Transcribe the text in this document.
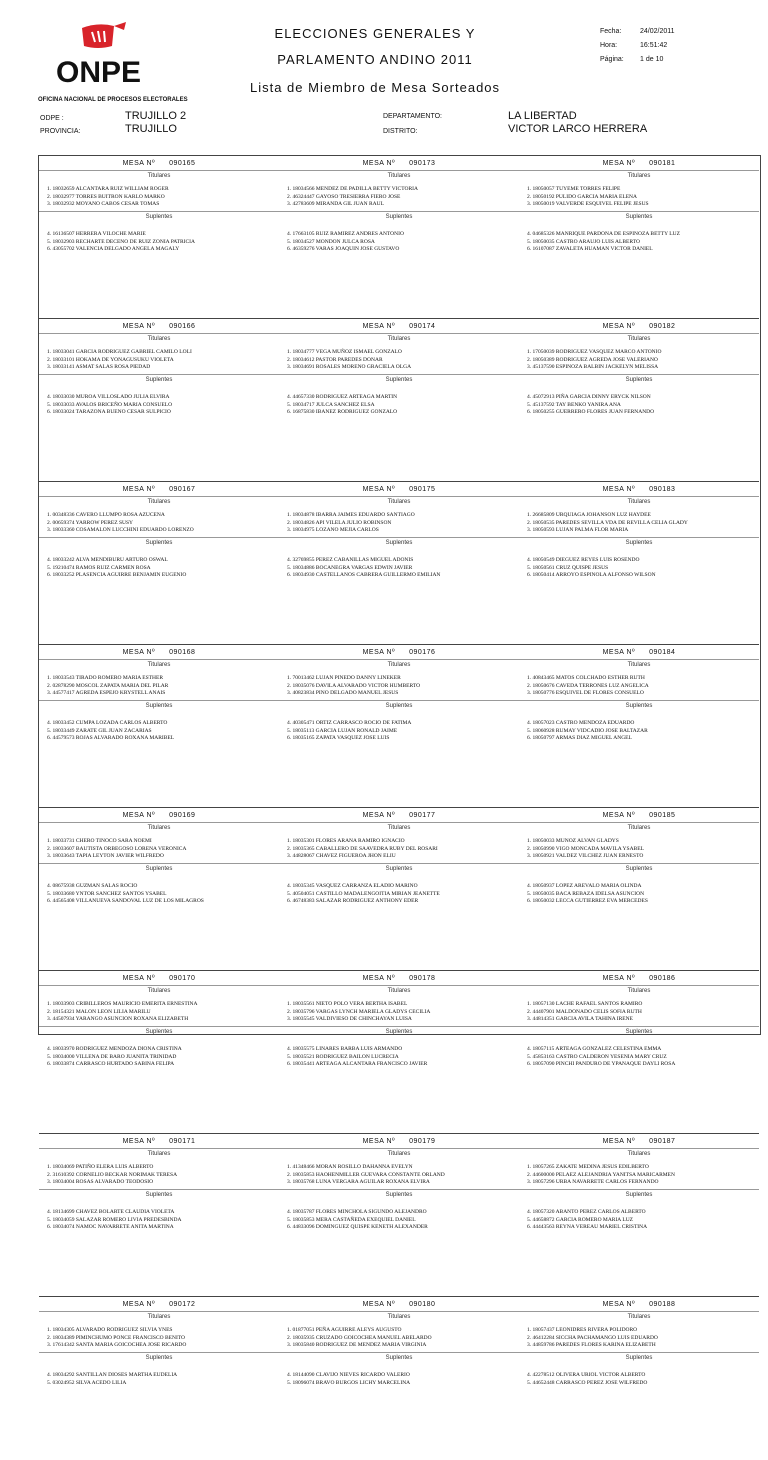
ONPE
OFICINA NACIONAL DE PROCESOS ELECTORALES
ELECCIONES GENERALES Y
PARLAMENTO ANDINO 2011
Lista de Miembro de Mesa Sorteados
Fecha:	24/02/2011
Hora:	16:51:42
Página:	1 de 10
ODPE :	TRUJILLO 2
PROVINCIA:	TRUJILLO
DEPARTAMENTO:	LA LIBERTAD
DISTRITO:	VICTOR LARCO HERRERA
MESA Nº 090165
Titulares
1. 18032659 ALCANTARA RUIZ WILLIAM ROGER
2. 18032977 TORRES BUITRON KARLO MARKO
3. 18032932 MOYANO CABOS CESAR TOMAS
Suplentes
4. 16136507 HERRERA VILOCHE MARIE
5. 18032903 RECHARTE DECENO DE RUIZ ZONIA PATRICIA
6. 43055702 VALENCIA DELGADO ANGELA MAGALY
MESA Nº 090166
Titulares
1. 18033041 GARCIA RODRIGUEZ GABRIEL CAMILO LOLI
2. 18033101 HOKAMA DE YONAGUSUKU VIOLETA
3. 18033141 ASMAT SALAS ROSA PIEDAD
Suplentes
4. 18033030 MUROA VILLOSLADO JULIA ELVIRA
5. 18033033 AVALOS BRICEÑO MARIA CONSUELO
6. 18033024 TARAZONA BUENO CESAR SULPICIO
MESA Nº 090167
Titulares
1. 00348336 CAVERO LLUMPO ROSA AZUCENA
2. 00659374 YARROW PEREZ SUSY
3. 18033360 COSAMALON LUCCHINI EDUARDO LORENZO
Suplentes
4. 18033242 ALVA MENDIBURU ARTURO OSWAL
5. 19210474 RAMOS RUIZ CARMEN ROSA
6. 18033252 PLASENCIA AGUIRRE BENJAMIN EUGENIO
MESA Nº 090168
Titulares
1. 18033543 TIRADO ROMERO MARIA ESTHER
2. 02878290 MOSCOL ZAPATA MARIA DEL PILAR
3. 44577417 AGREDA ESPEJO KRYSTELL ANAIS
Suplentes
4. 18033452 CUMPA LOZADA CARLOS ALBERTO
5. 18033449 ZARATE GIL JUAN ZACARIAS
6. 44579573 ROJAS ALVARADO ROXANA MARIBEL
MESA Nº 090169
Titulares
1. 18033731 CHERO TINOCO SARA NOEMI
2. 18033607 BAUTISTA ORBEGOSO LORENA VERONICA
3. 18033643 TAPIA LEYTON JAVIER WILFREDO
Suplentes
4. 08675938 GUZMAN SALAS ROCIO
5. 18033680 YNTOR SANCHEZ SANTOS YSABEL
6. 44565408 VILLANUEVA SANDOVAL LUZ DE LOS MILAGROS
MESA Nº 090170
Titulares
1. 18033903 CRIBILLEROS MAURICIO EMERITA ERNESTINA
2. 18154321 MALON LEON LILIA MARILU
3. 44507934 YARANGO ASUNCION ROXANA ELIZABETH
Suplentes
4. 18033970 RODRIGUEZ MENDOZA DIONA CRISTINA
5. 18034000 VILLENA DE BARO JUANITA TRINIDAD
6. 18033874 CARRASCO HURTADO SABINA FELIPA
MESA Nº 090171
Titulares
1. 18034069 PATIÑO ELERA LUIS ALBERTO
2. 31610392 CORNELIO BECKAR NORIMAK TERESA
3. 18034004 ROSAS ALVARADO TEODOSIO
Suplentes
4. 18134699 CHAVEZ BOLARTE CLAUDIA VIOLETA
5. 18034059 SALAZAR ROMERO LIVIA PREDESBINDA
6. 18034074 NAMOC NAVARRETE ANITA MARTINA
MESA Nº 090172
Titulares
1. 18034305 ALVARADO RODRIGUEZ SILVIA YNES
2. 18034389 PIMINCHUMO PONCE FRANCISCO BENITO
3. 17614342 SANTA MARIA GOICOCHEA JOSE RICARDO
Suplentes
4. 18034292 SANTILLAN DIOSES MARTHA EUDELIA
5. 03024952 SILVA ACEDO LILIA
MESA Nº 090173
Titulares
1. 18034566 MENDEZ DE PADILLA BETTY VICTORIA
2. 46324447 GAYOSO TRESIERRA FIERO JOSE
3. 42783609 MIRANDA GIL JUAN RAUL
Suplentes
4. 17663105 RUIZ RAMIREZ ANDRES ANTONIO
5. 18034527 MONDON JULCA ROSA
6. 46359276 VARAS JOAQUIN JOSE GUSTAVO
MESA Nº 090174
Titulares
1. 18034777 VEGA MUÑOZ ISMAEL GONZALO
2. 18034612 PASTOR PAREDES DONAR
3. 18034691 ROSALES MORENO GRACIELA OLGA
Suplentes
4. 44657330 RODRIGUEZ ARTEAGA MARTIN
5. 18034717 JULCA SANCHEZ ELSA
6. 16875830 IBANEZ RODRIGUEZ GONZALO
MESA Nº 090175
Titulares
1. 18034878 IBARRA JAIMES EDUARDO SANTIAGO
2. 18034826 API VILELA JULIO ROBINSON
3. 18034975 LOZANO MEJIA CARLOS
Suplentes
4. 32769855 PEREZ CABANILLAS MIGUEL ADONIS
5. 18034886 BOCANEGRA VARGAS EDWIN JAVIER
6. 18034930 CASTELLANOS CABRERA GUILLERMO EMILIAN
MESA Nº 090176
Titulares
1. 70013462 LUJAN PINEDO DANNY LINEKER
2. 18035076 DAVILA ALVARADO VICTOR HUMBERTO
3. 40823834 PINO DELGADO MANUEL JESUS
Suplentes
4. 40305471 ORTIZ CARRASCO ROCIO DE FATIMA
5. 18035113 GARCIA LUJAN RONALD JAIME
6. 18035165 ZAPATA VASQUEZ JOSE LUIS
MESA Nº 090177
Titulares
1. 18035301 FLORES ARANA RAMIRO IGNACIO
2. 18035365 CABALLERO DE SAAVEDRA RUBY DEL ROSARI
3. 44828067 CHAVEZ FIGUEROA JHON ELIU
Suplentes
4. 18035345 VASQUEZ CARRANZA ELADIO MARINO
5. 40504051 CASTILLO MADALENGOITIA MIRIAN JEANETTE
6. 46748383 SALAZAR RODRIGUEZ ANTHONY EDER
MESA Nº 090178
Titulares
1. 18035561 NIETO POLO VERA BERTHA ISABEL
2. 18035796 VARGAS LYNCH MARIELA GLADYS CECILIA
3. 18035545 VALDIVIESO DE CHINCHAYAN LUISA
Suplentes
4. 18035575 LINARES BARBA LUIS ARMANDO
5. 18035521 RODRIGUEZ BAILON LUCRECIA
6. 18035441 ARTEAGA ALCANTARA FRANCISCO JAVIER
MESA Nº 090179
Titulares
1. 41348466 MORAN ROSILLO DAHANNA EVELYN
2. 18035853 HAOHENMILLER GUEVARA CONSTANTE ORLAND
3. 18035768 LUNA VERGARA AGUILAR ROXANA ELVIRA
Suplentes
4. 18035787 FLORES MINCHOLA SIGUNDO ALEJANDRO
5. 18035853 MERA CASTAÑEDA EXEQUIEL DANIEL
6. 44833096 DOMINGUEZ QUISPE KENETH ALEXANDER
MESA Nº 090180
Titulares
1. 01877051 PEÑA AGUIRRE ALEYS AUGUSTO
2. 18035935 CRUZADO GOICOCHEA MANUEL ABELARDO
3. 18035840 RODRIGUEZ DE MENDEZ MARIA VIRGINIA
Suplentes
4. 18144090 CLAVIJO NIEVES RICARDO VALERIO
5. 18096074 BRAVO BURGOS LICHY MARCELINA
MESA Nº 090181
Titulares
1. 18050057 TUYEME TORRES FELIPE
2. 18050192 PULIDO GARCIA MARIA ELENA
3. 18050019 VALVERDE ESQUIVEL FELIPE JESUS
Suplentes
4. 04685326 MANRIQUE PARDONA DE ESPINOZA BETTY LUZ
5. 18050035 CASTRO ARAUJO LUIS ALBERTO
6. 16107087 ZAVALETA HUAMAN VICTOR DANIEL
MESA Nº 090182
Titulares
1. 17050039 RODRIGUEZ VASQUEZ MARCO ANTONIO
2. 18050389 RODRIGUEZ AGREDA JOSE VALERIANO
3. 45137590 ESPINOZA BALBIN JACKELYN MELISSA
Suplentes
4. 45072913 PIÑA GARCIA DINNY ERYCK NILSON
5. 45137592 TAY BENKO YANIRA ANA
6. 18050255 GUERRERO FLORES JUAN FERNANDO
MESA Nº 090183
Titulares
1. 26685809 URQUIAGA JOHANSON LUZ HAYDEE
2. 18050535 PAREDES SEVILLA VDA DE REVILLA CELIA GLADY
3. 18050593 LUJAN PALMA FLOR MARIA
Suplentes
4. 18050549 DIEGUEZ REYES LUIS ROSENDO
5. 18050561 CRUZ QUISPE JESUS
6. 18050414 ARROYO ESPINOLA ALFONSO WILSON
MESA Nº 090184
Titulares
1. 40843465 MATOS COLCHADO ESTHER RUTH
2. 18050676 CAVEDA TERRONES LUZ ANGELICA
3. 18050776 ESQUIVEL DE FLORES CONSUELO
Suplentes
4. 18057023 CASTRO MENDOZA EDUARDO
5. 18060928 RUMAY VIDCADIO JOSE BALTAZAR
6. 18050797 ARMAS DIAZ MIGUEL ANGEL
MESA Nº 090185
Titulares
1. 18050033 MUNOZ ALVAN GLADYS
2. 18050990 VIGO MONCADA MAVILA YSABEL
3. 18050921 VALDEZ VILCHEZ JUAN ERNESTO
Suplentes
4. 18050937 LOPEZ AREVALO MARIA OLINDA
5. 18050035 BACA REBAZA IDELSA ASUNCION
6. 18050032 LECCA GUTIERREZ EVA MERCEDES
MESA Nº 090186
Titulares
1. 18057130 LACHE RAFAEL SANTOS RAMIRO
2. 44407901 MALDONADO CELIS SOFIA RUTH
3. 44814351 GARCIA AVILA TAHINA IRENE
Suplentes
4. 18057115 ARTEAGA GONZALEZ CELESTINA EMMA
5. 45853163 CASTRO CALDERON YESENIA MARY CRUZ
6. 18057090 PINCHI PANDURO DE YPANAQUE DAYLI ROSA
MESA Nº 090187
Titulares
1. 18057265 ZAKATE MEDINA JESUS EDILBERTO
2. 44600000 PELAEZ ALEJANDRIA YANITSA MARICARMEN
3. 18057296 URBA NAVARRETE CARLOS FERNANDO
Suplentes
4. 18057320 ABANTO PEREZ CARLOS ALBERTO
5. 44658872 GARCIA ROMERO MARIA LUZ
6. 44443563 REYNA VEREAU MARIEL CRISTINA
MESA Nº 090188
Titulares
1. 18057437 LEONIDRES RIVERA POLIDORO
2. 46412284 SICCHA PACHAMANGO LUIS EDUARDO
3. 44859786 PAREDES FLORES KARINA ELIZABETH
Suplentes
4. 42278512 OLIVERA URIOL VICTOR ALBERTO
5. 44652448 CARRASCO PEREZ JOSE WILFREDO
